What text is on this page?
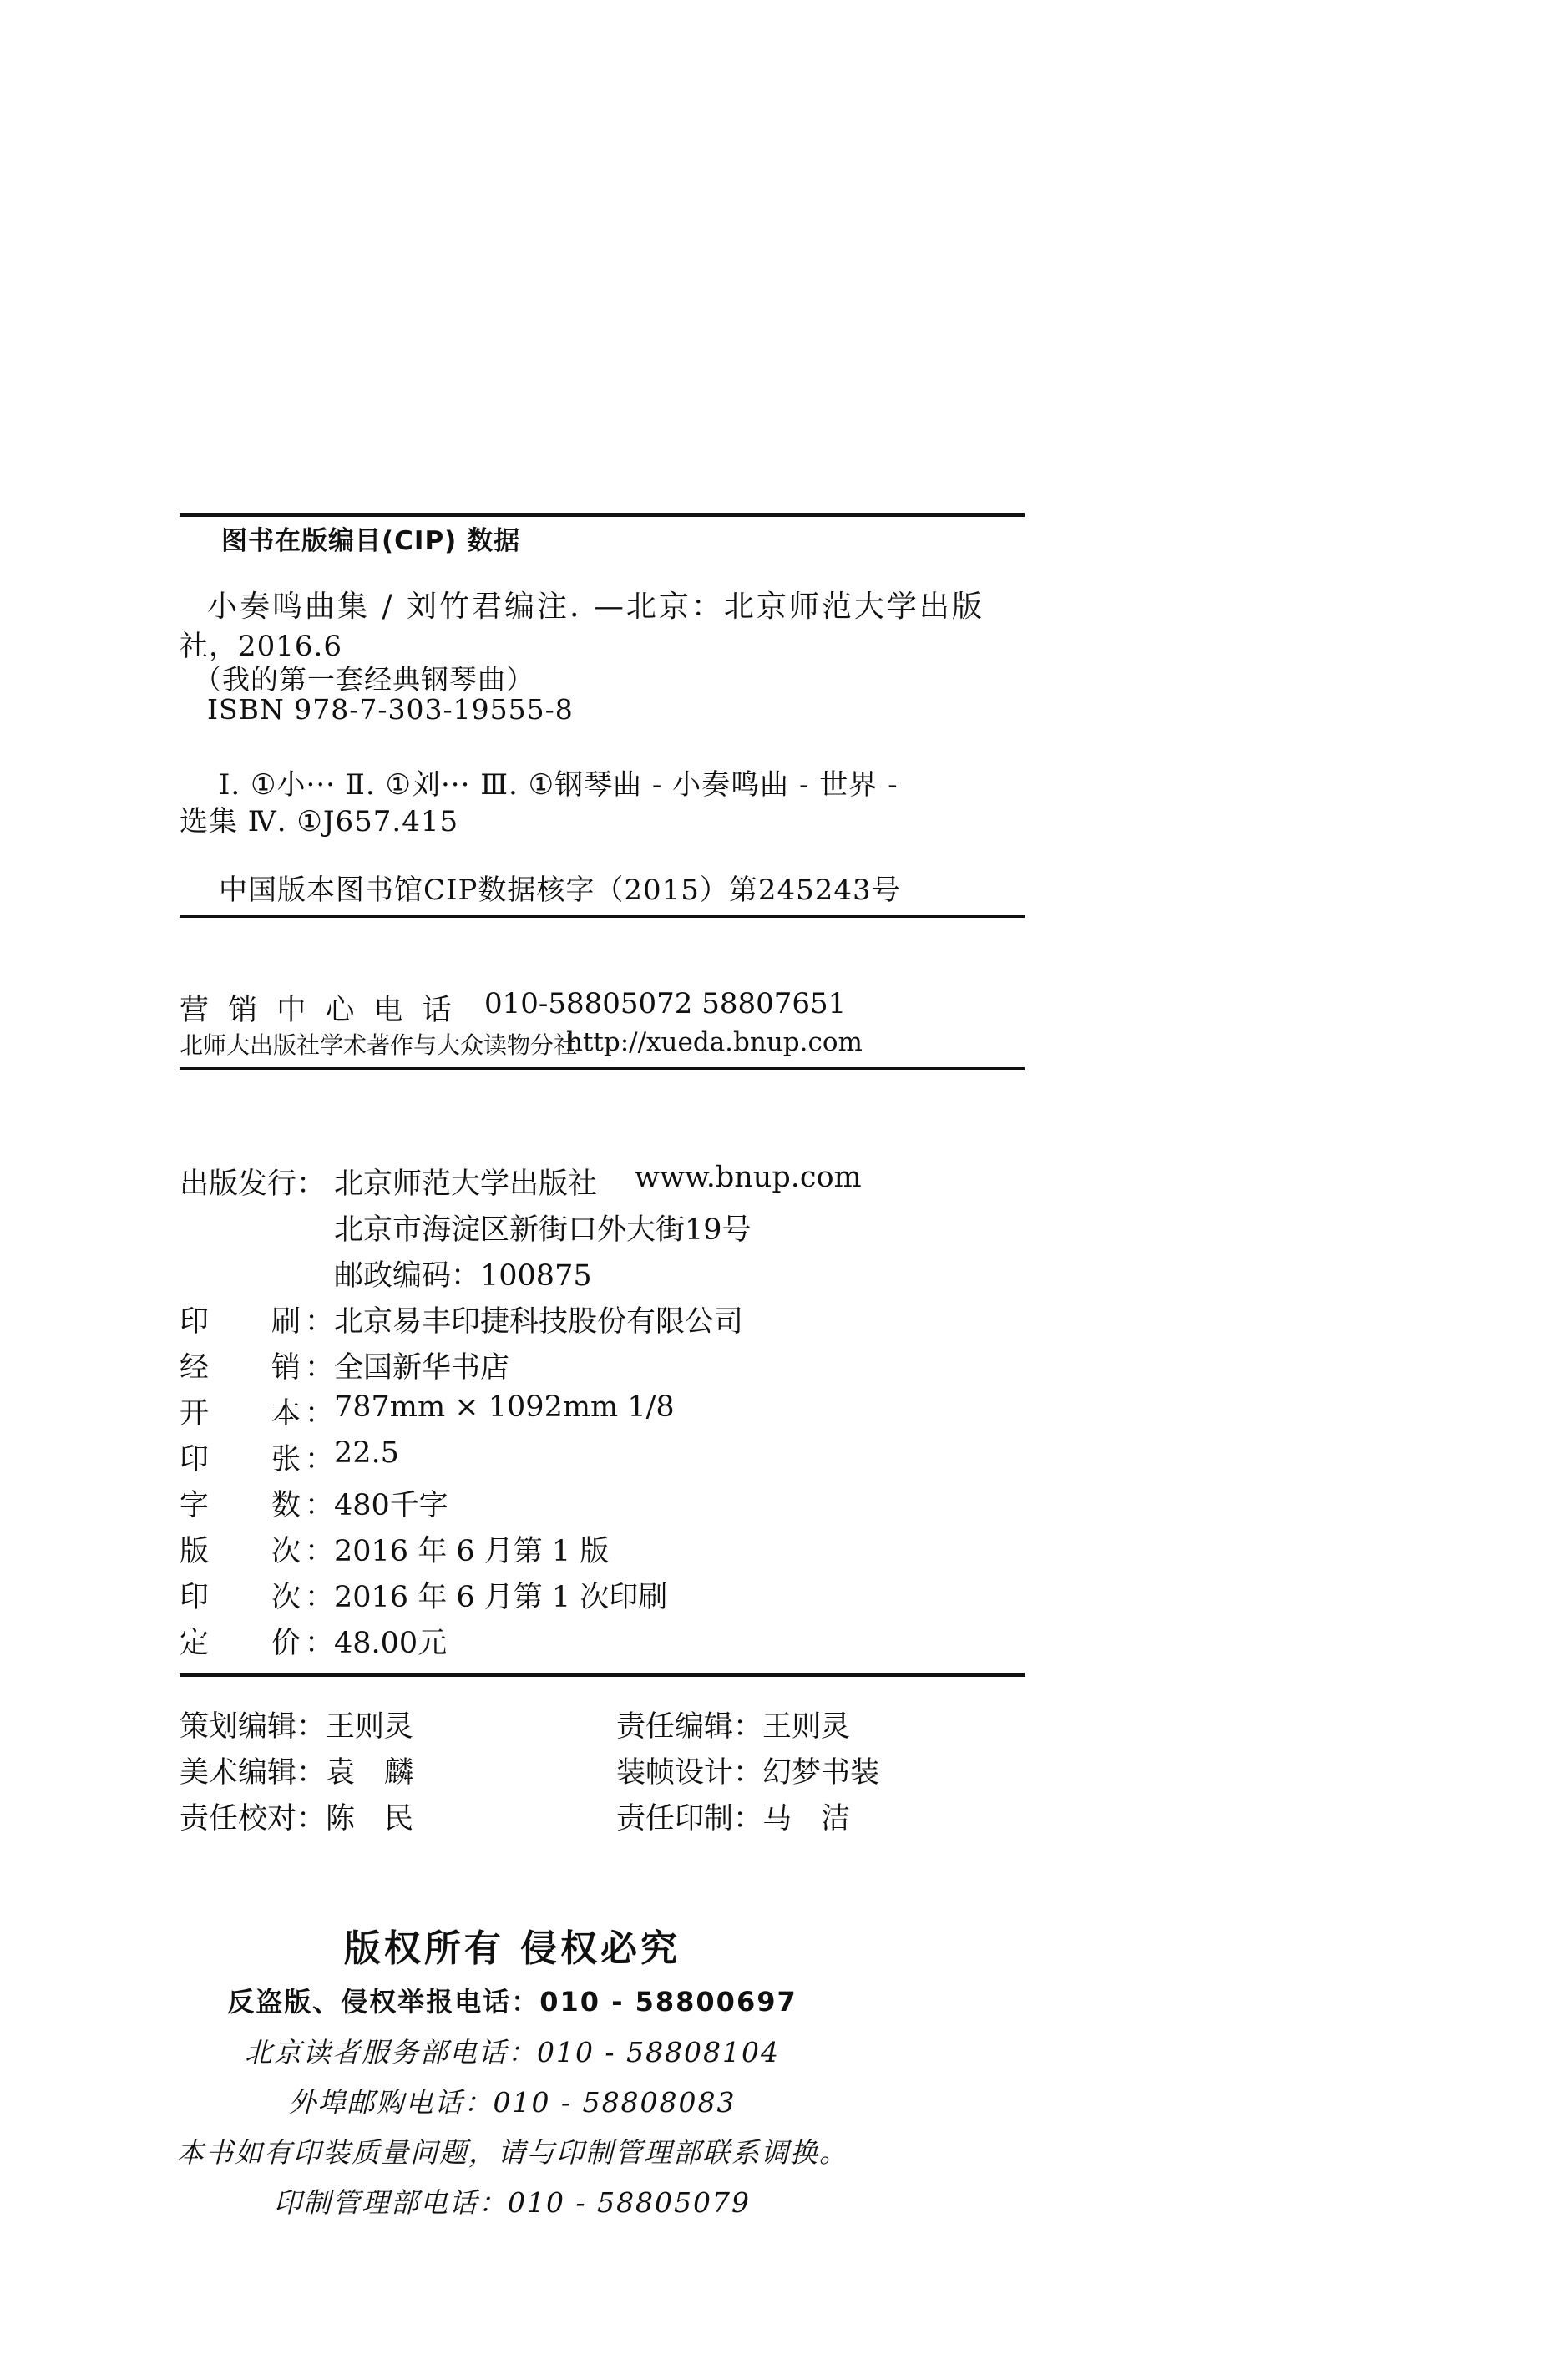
图书在版编目(CIP) 数据
小奏鸣曲集 / 刘竹君编注. —北京：北京师范大学出版
社，2016.6
（我的第一套经典钢琴曲）
ISBN 978-7-303-19555-8
Ⅰ. ①小··· Ⅱ. ①刘··· Ⅲ. ①钢琴曲 - 小奏鸣曲 - 世界 -
选集 Ⅳ. ①J657.415
中国版本图书馆CIP数据核字（2015）第245243号
营 销 中 心 电 话 010-58805072 58807651
北师大出版社学术著作与大众读物分社
http://xueda.bnup.com
出版发行： 北京师范大学出版社 www.bnup.com
北京市海淀区新街口外大街19号
邮政编码：100875
印 刷 ： 北京易丰印捷科技股份有限公司
经 销 ： 全国新华书店
开 本 ： 787mm × 1092mm 1/8
印 张 ： 22.5
字 数 ： 480千字
版 次 ： 2016 年 6 月第 1 版
印 次 ： 2016 年 6 月第 1 次印刷
定 价 ： 48.00元
策划编辑：王则灵	责任编辑：王则灵
美术编辑：袁　麟	装帧设计：幻梦书装
责任校对：陈　民	责任印制：马　洁
版权所有 侵权必究
反盗版、侵权举报电话：010 - 58800697
北京读者服务部电话：010 - 58808104
外埠邮购电话：010 - 58808083
本书如有印装质量问题，请与印制管理部联系调换。
印制管理部电话：010 - 58805079
